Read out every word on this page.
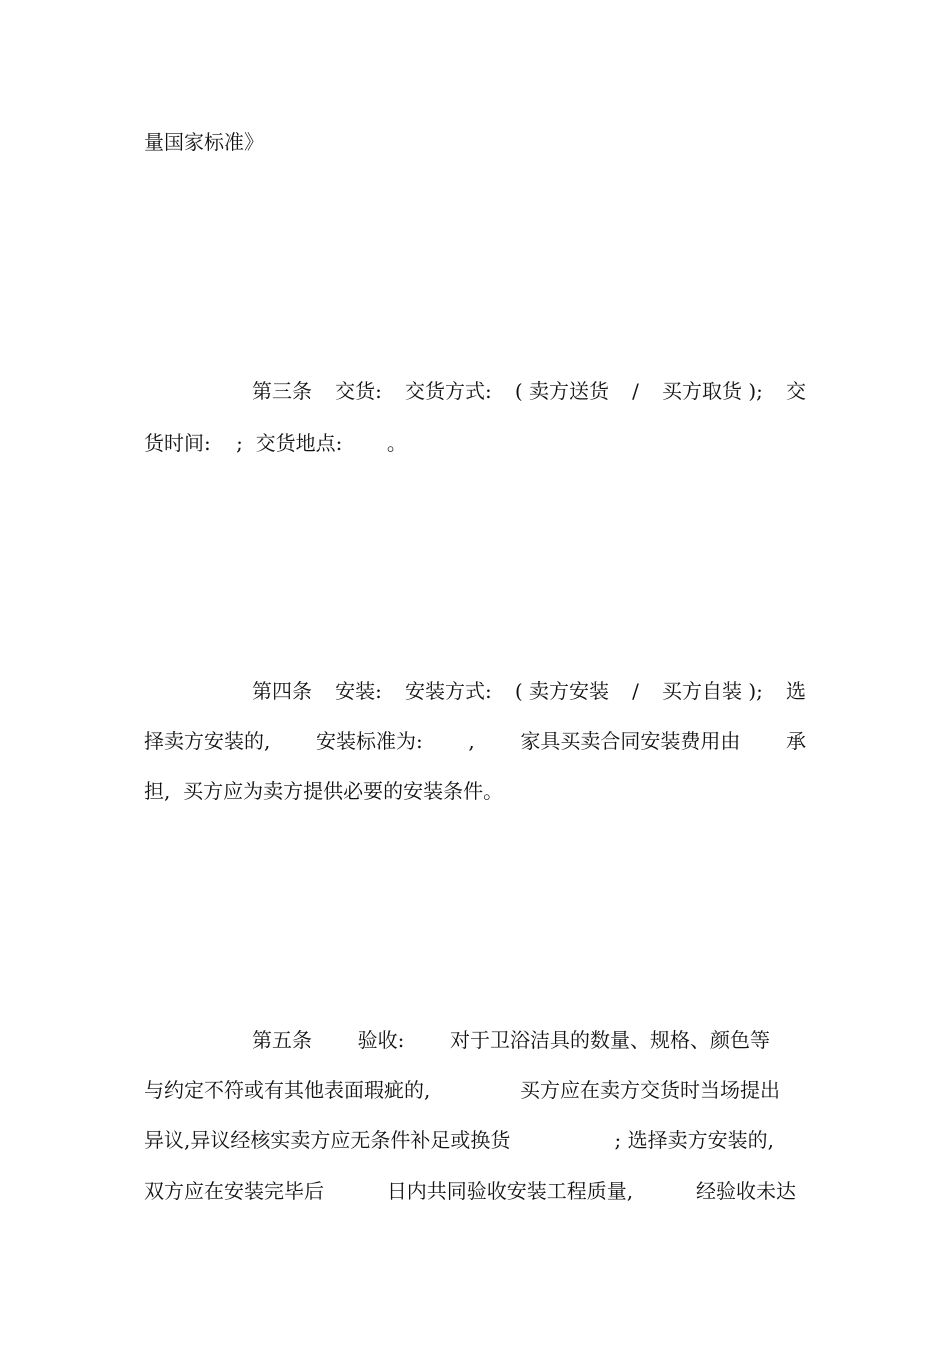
量国家标准》
第三条 交货: 交货方式: ( 卖方送货 / 买方取货 ); 交
货时间:    ;  交货地点:       。
第四条 安装: 安装方式: ( 卖方安装 / 买方自装 ); 选
择卖方安装的, 安装标准为: , 家具买卖合同安装费用由 承
担,  买方应为卖方提供必要的安装条件。
第五条 验收: 对于卫浴洁具的数量、规格、颜色等
与约定不符或有其他表面瑕疵的,	买方应在卖方交货时当场提出
异议,异议经核实卖方应无条件补足或换货	; 选择卖方安装的,
双方应在安装完毕后	日内共同验收安装工程质量,	经验收未达
